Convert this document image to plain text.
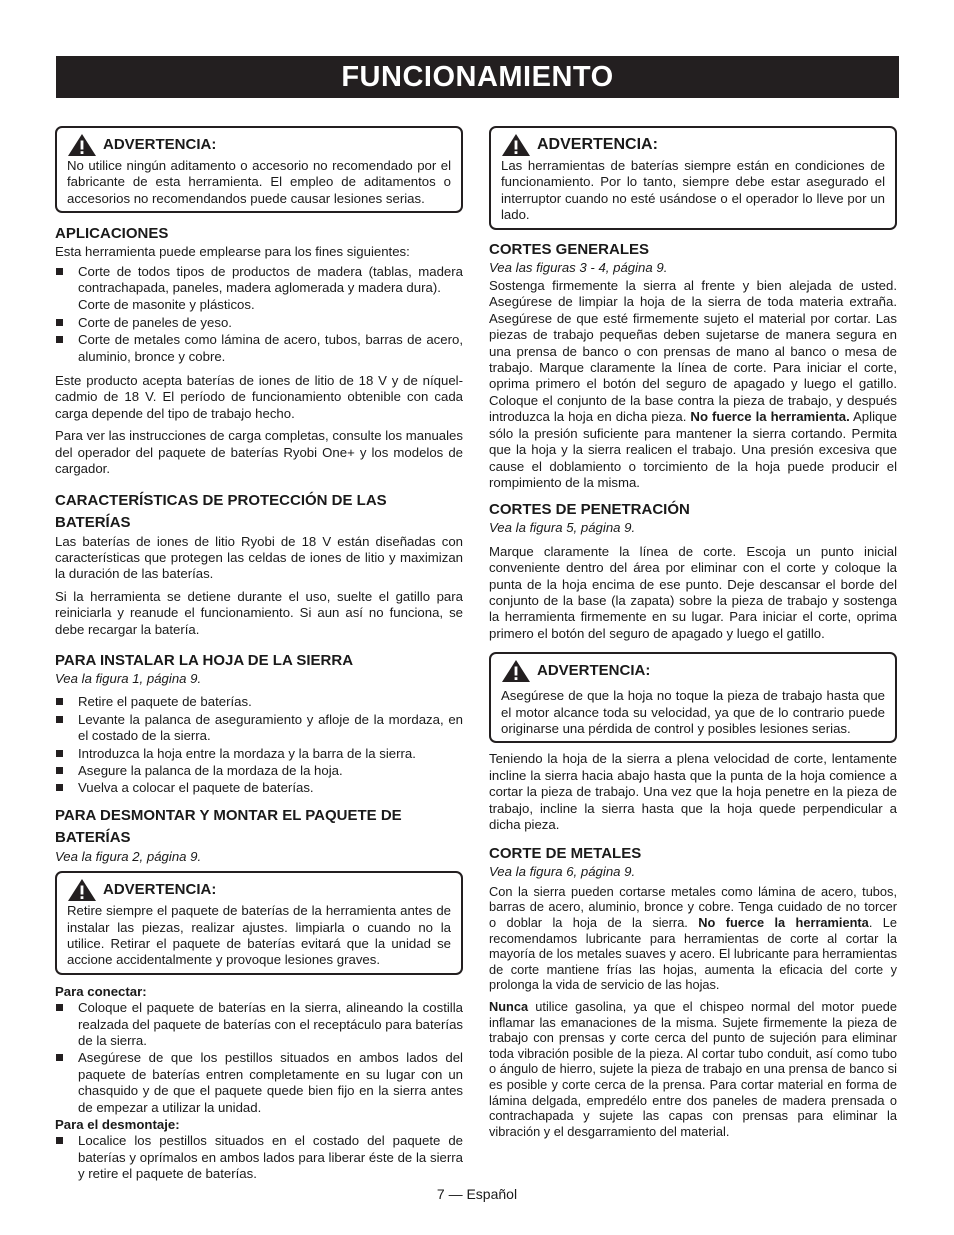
FUNCIONAMIENTO
ADVERTENCIA:
No utilice ningún aditamento o accesorio no recomendado por el fabricante de esta herramienta. El empleo de aditamentos o accesorios no recomendandos puede causar lesiones serias.
APLICACIONES

Esta herramienta puede emplearse para los fines siguientes:

Corte de todos tipos de productos de madera (tablas, madera contrachapada, paneles, madera aglomerada y madera dura).
Corte de masonite y plásticos.
Corte de paneles de yeso.
Corte de metales como lámina de acero, tubos, barras de acero, aluminio, bronce y cobre.

Este producto acepta baterías de iones de litio de 18 V y de níquel-cadmio de 18 V. El período de funcionamiento obtenible con cada carga depende del tipo de trabajo hecho.

Para ver las instrucciones de carga completas, consulte los manuales del operador del paquete de baterías Ryobi One+ y los modelos de cargador.

CARACTERÍSTICAS DE PROTECCIÓN DE LAS BATERÍAS

Las baterías de iones de litio Ryobi de 18 V están diseñadas con características que protegen las celdas de iones de litio y maximizan la duración de las baterías.

Si la herramienta se detiene durante el uso, suelte el gatillo para reiniciarla y reanude el funcionamiento. Si aun así no funciona, se debe recargar la batería.

PARA INSTALAR LA HOJA DE LA SIERRA
Vea la figura 1, página 9.
Retire el paquete de baterías.
Levante la palanca de aseguramiento y afloje de la mordaza, en el costado de la sierra.
Introduzca la hoja entre la mordaza y la barra de la sierra.
Asegure la palanca de la mordaza de la hoja.
Vuelva a colocar el paquete de baterías.
PARA DESMONTAR Y MONTAR EL PAQUETE DE BATERÍAS
Vea la figura 2, página 9.
ADVERTENCIA:
Retire siempre el paquete de baterías de la herramienta antes de instalar las piezas, realizar ajustes. limpiarla o cuando no la utilice. Retirar el paquete de baterías evitará que la unidad se accione accidentalmente y provoque lesiones graves.
Para conectar:
Coloque el paquete de baterías en la sierra, alineando la costilla realzada del paquete de baterías con el receptáculo para baterías de la sierra.
Asegúrese de que los pestillos situados en ambos lados del paquete de baterías entren completamente en su lugar con un chasquido y de que el paquete quede bien fijo en la sierra antes de empezar a utilizar la unidad.
Para el desmontaje:
Localice los pestillos situados en el costado del paquete de baterías y oprímalos en ambos lados para liberar éste de la sierra y retire el paquete de baterías.
ADVERTENCIA:
Las herramientas de baterías siempre están en condiciones de funcionamiento. Por lo tanto, siempre debe estar asegurado el interruptor cuando no esté usándose o el operador lo lleve por un lado.
CORTES GENERALES
Vea las figuras 3 - 4, página 9.

Sostenga firmemente la sierra al frente y bien alejada de usted. Asegúrese de limpiar la hoja de la sierra de toda materia extraña. Asegúrese de que esté firmemente sujeto el material por cortar. Las piezas de trabajo pequeñas deben sujetarse de manera segura en una prensa de banco o con prensas de mano al banco o mesa de trabajo. Marque claramente la línea de corte. Para iniciar el corte, oprima primero el botón del seguro de apagado y luego el gatillo. Coloque el conjunto de la base contra la pieza de trabajo, y después introduzca la hoja en dicha pieza. No fuerce la herramienta. Aplique sólo la presión suficiente para mantener la sierra cortando. Permita que la hoja y la sierra realicen el trabajo. Una presión excesiva que cause el doblamiento o torcimiento de la hoja puede producir el rompimiento de la misma.

CORTES DE PENETRACIÓN
Vea la figura 5, página 9.

Marque claramente la línea de corte. Escoja un punto inicial conveniente dentro del área por eliminar con el corte y coloque la punta de la hoja encima de ese punto. Deje descansar el borde del conjunto de la base (la zapata) sobre la pieza de trabajo y sostenga la herramienta firmemente en su lugar. Para iniciar el corte, oprima primero el botón del seguro de apagado y luego el gatillo.

ADVERTENCIA:
Asegúrese de que la hoja no toque la pieza de trabajo hasta que el motor alcance toda su velocidad, ya que de lo contrario puede originarse una pérdida de control y posibles lesiones serias.

Teniendo la hoja de la sierra a plena velocidad de corte, lentamente incline la sierra hacia abajo hasta que la punta de la hoja comience a cortar la pieza de trabajo. Una vez que la hoja penetre en la pieza de trabajo, incline la sierra hasta que la hoja quede perpendicular a dicha pieza.

CORTE DE METALES
Vea la figura 6, página 9.

Con la sierra pueden cortarse metales como lámina de acero, tubos, barras de acero, aluminio, bronce y cobre. Tenga cuidado de no torcer o doblar la hoja de la sierra. No fuerce la herramienta. Le recomendamos lubricante para herramientas de corte al cortar la mayoría de los metales suaves y acero. El lubricante para herramientas de corte mantiene frías las hojas, aumenta la eficacia del corte y prolonga la vida de servicio de las hojas.

Nunca utilice gasolina, ya que el chispeo normal del motor puede inflamar las emanaciones de la misma. Sujete firmemente la pieza de trabajo con prensas y corte cerca del punto de sujeción para eliminar toda vibración posible de la pieza. Al cortar tubo conduit, así como tubo o ángulo de hierro, sujete la pieza de trabajo en una prensa de banco si es posible y corte cerca de la prensa. Para cortar material en forma de lámina delgada, empredélo entre dos paneles de madera prensada o contrachapada y sujete las capas con prensas para eliminar la vibración y el desgarramiento del material.

7 — Español
